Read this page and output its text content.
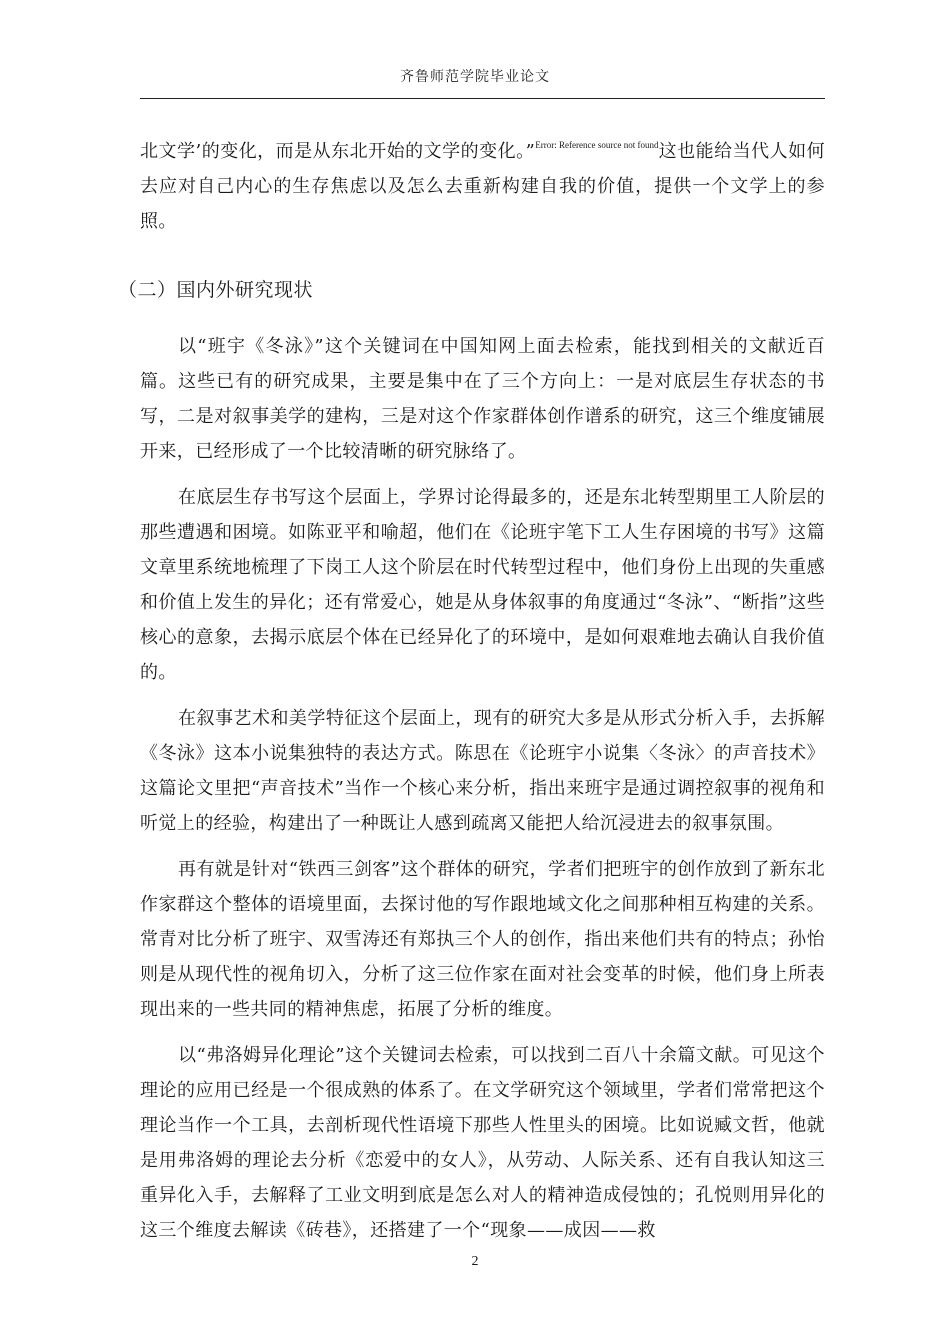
齐鲁师范学院毕业论文

北文学’的变化，而是从东北开始的文学的变化。”$^{Error: Reference source not found}$这也能给当代人如何去应对自己内心的生存焦虑以及怎么去重新构建自我的价值，提供一个文学上的参照。

（二）国内外研究现状

以“班宇《冬泳》”这个关键词在中国知网上面去检索，能找到相关的文献近百篇。这些已有的研究成果，主要是集中在了三个方向上：一是对底层生存状态的书写，二是对叙事美学的建构，三是对这个作家群体创作谱系的研究，这三个维度铺展开来，已经形成了一个比较清晰的研究脉络了。

在底层生存书写这个层面上，学界讨论得最多的，还是东北转型期里工人阶层的那些遭遇和困境。如陈亚平和喻超，他们在《论班宇笔下工人生存困境的书写》这篇文章里系统地梳理了下岗工人这个阶层在时代转型过程中，他们身份上出现的失重感和价值上发生的异化；还有常爱心，她是从身体叙事的角度通过“冬泳”、“断指”这些核心的意象，去揭示底层个体在已经异化了的环境中，是如何艰难地去确认自我价值的。

在叙事艺术和美学特征这个层面上，现有的研究大多是从形式分析入手，去拆解《冬泳》这本小说集独特的表达方式。陈思在《论班宇小说集〈冬泳〉的声音技术》这篇论文里把“声音技术”当作一个核心来分析，指出来班宇是通过调控叙事的视角和听觉上的经验，构建出了一种既让人感到疏离又能把人给沉浸进去的叙事氛围。

再有就是针对“铁西三剑客”这个群体的研究，学者们把班宇的创作放到了新东北作家群这个整体的语境里面，去探讨他的写作跟地域文化之间那种相互构建的关系。常青对比分析了班宇、双雪涛还有郑执三个人的创作，指出来他们共有的特点；孙怡则是从现代性的视角切入，分析了这三位作家在面对社会变革的时候，他们身上所表现出来的一些共同的精神焦虑，拓展了分析的维度。

以“弗洛姆异化理论”这个关键词去检索，可以找到二百八十余篇文献。可见这个理论的应用已经是一个很成熟的体系了。在文学研究这个领域里，学者们常常把这个理论当作一个工具，去剖析现代性语境下那些人性里头的困境。比如说臧文哲，他就是用弗洛姆的理论去分析《恋爱中的女人》，从劳动、人际关系、还有自我认知这三重异化入手，去解释了工业文明到底是怎么对人的精神造成侵蚀的；孔悦则用异化的这三个维度去解读《砖巷》，还搭建了一个“现象——成因——救

2
